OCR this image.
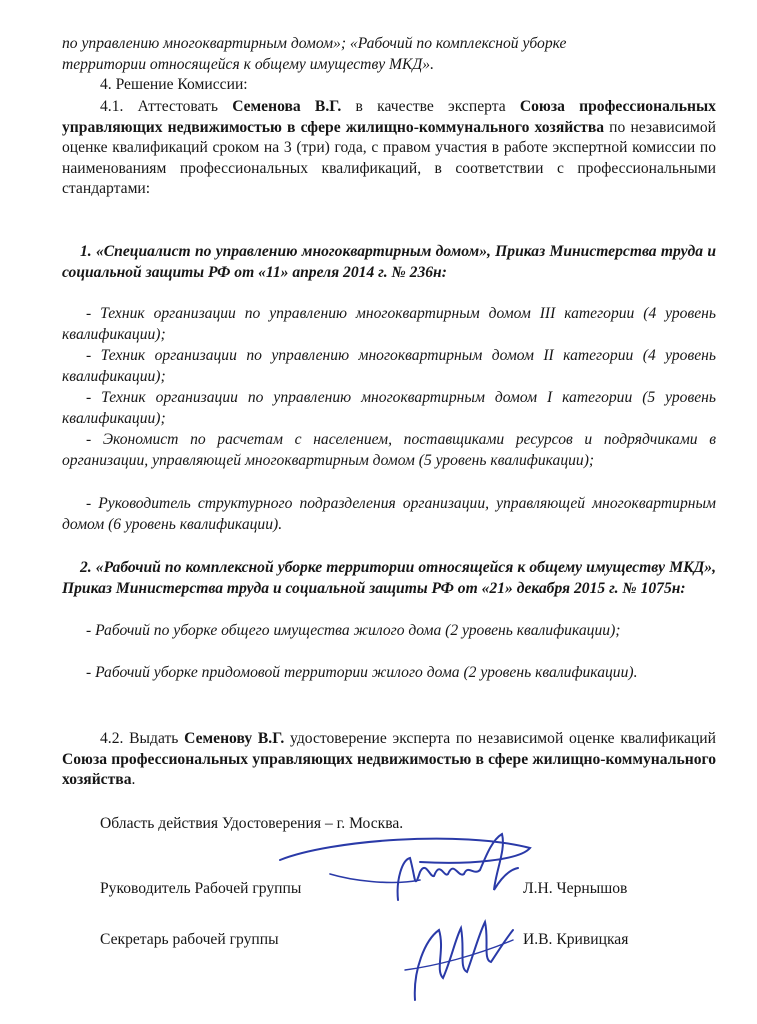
по управлению многоквартирным домом»; «Рабочий по комплексной уборке
территории относящейся к общему имуществу МКД».

4. Решение Комиссии:

4.1. Аттестовать Семенова В.Г. в качестве эксперта Союза профессиональных управляющих недвижимостью в сфере жилищно-коммунального хозяйства по независимой оценке квалификаций сроком на 3 (три) года, с правом участия в работе экспертной комиссии по наименованиям профессиональных квалификаций, в соответствии с профессиональными стандартами:

1. «Специалист по управлению многоквартирным домом», Приказ Министерства труда и социальной защиты РФ от «11» апреля 2014 г. № 236н:

- Техник организации по управлению многоквартирным домом III категории (4 уровень квалификации);

- Техник организации по управлению многоквартирным домом II категории (4 уровень квалификации);

- Техник организации по управлению многоквартирным домом I категории (5 уровень квалификации);

- Экономист по расчетам с населением, поставщиками ресурсов и подрядчиками в организации, управляющей многоквартирным домом (5 уровень квалификации);

- Руководитель структурного подразделения организации, управляющей многоквартирным домом (6 уровень квалификации).

2. «Рабочий по комплексной уборке территории относящейся к общему имуществу МКД», Приказ Министерства труда и социальной защиты РФ от «21» декабря 2015 г. № 1075н:

- Рабочий по уборке общего имущества жилого дома (2 уровень квалификации);

- Рабочий уборке придомовой территории жилого дома (2 уровень квалификации).

4.2. Выдать Семенову В.Г. удостоверение эксперта по независимой оценке квалификаций Союза профессиональных управляющих недвижимостью в сфере жилищно-коммунального хозяйства.

Область действия Удостоверения – г. Москва.

Руководитель Рабочей группы	Л.Н. Чернышов
Секретарь рабочей группы	И.В. Кривицкая
